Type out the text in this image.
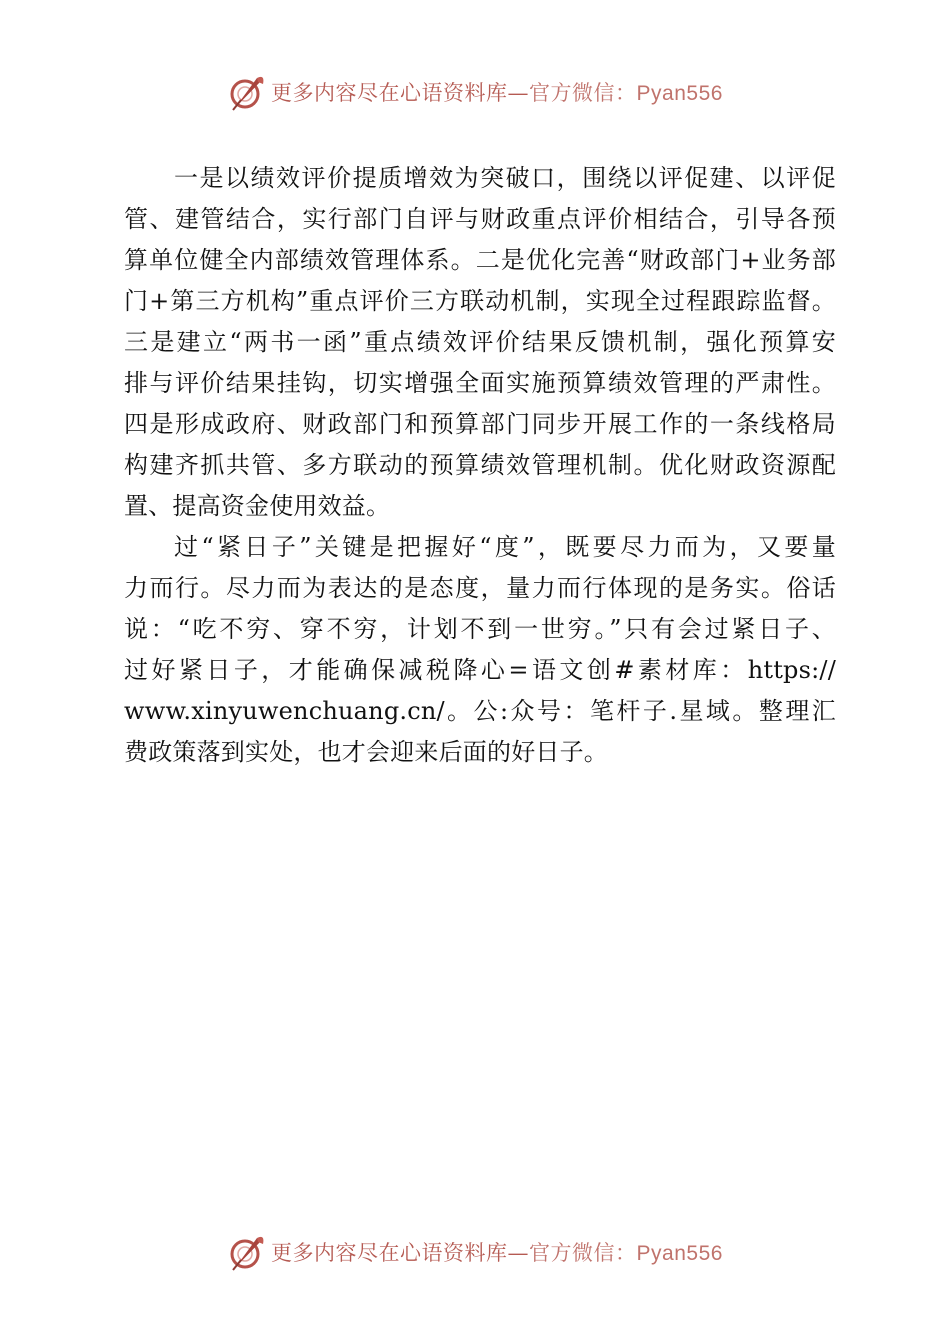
更多内容尽在心语资料库—官方微信：Pyan556
一是以绩效评价提质增效为突破口，围绕以评促建、以评促
管、建管结合，实行部门自评与财政重点评价相结合，引导各预
算单位健全内部绩效管理体系。二是优化完善“财政部门+业务部
门+第三方机构”重点评价三方联动机制，实现全过程跟踪监督。
三是建立“两书一函”重点绩效评价结果反馈机制，强化预算安
排与评价结果挂钩，切实增强全面实施预算绩效管理的严肃性。
四是形成政府、财政部门和预算部门同步开展工作的一条线格局
构建齐抓共管、多方联动的预算绩效管理机制。优化财政资源配
置、提高资金使用效益。
过“紧日子”关键是把握好“度”，既要尽力而为，又要量
力而行。尽力而为表达的是态度，量力而行体现的是务实。俗话
说：“吃不穷、穿不穷，计划不到一世穷。”只有会过紧日子、
过好紧日子，才能确保减税降心=语文创#素材库：https://
www.xinyuwenchuang.cn/。公:众号：笔杆子.星域。整理汇
费政策落到实处，也才会迎来后面的好日子。
更多内容尽在心语资料库—官方微信：Pyan556
